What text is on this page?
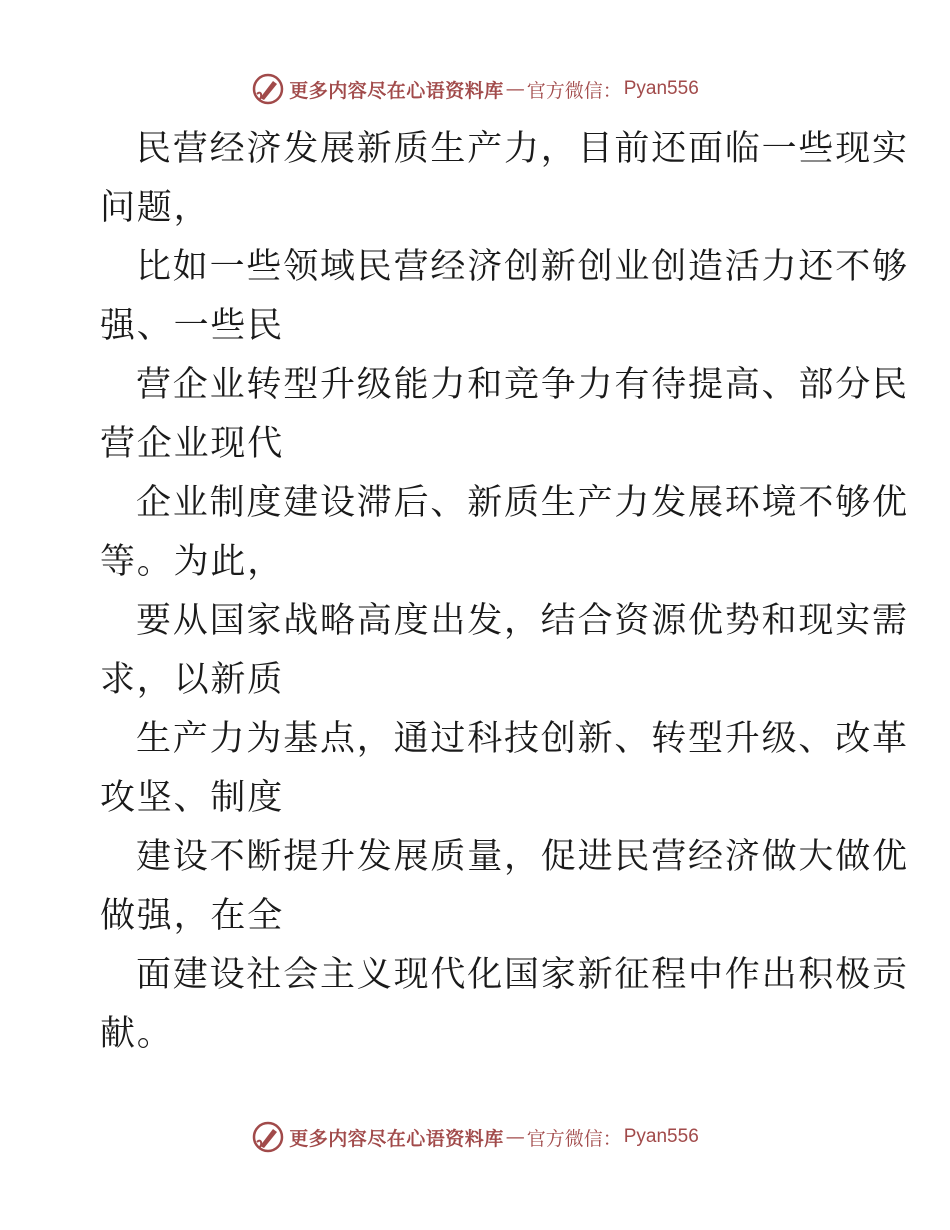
更多内容尽在心语资料库 — 官方微信： Pyan556
民营经济发展新质生产力，目前还面临一些现实
问题，
比如一些领域民营经济创新创业创造活力还不够
强、一些民
营企业转型升级能力和竞争力有待提高、部分民
营企业现代
企业制度建设滞后、新质生产力发展环境不够优
等。为此，
要从国家战略高度出发，结合资源优势和现实需
求，以新质
生产力为基点，通过科技创新、转型升级、改革
攻坚、制度
建设不断提升发展质量，促进民营经济做大做优
做强，在全
面建设社会主义现代化国家新征程中作出积极贡
献。
更多内容尽在心语资料库 — 官方微信： Pyan556
